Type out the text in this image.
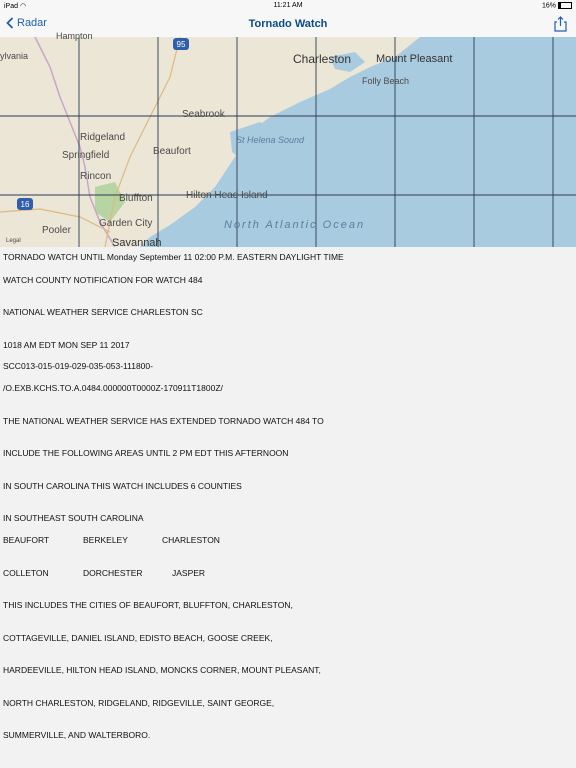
iPad ◠	11:21 AM	16%
Radar	Tornado Watch
95
16
Hampton
ylvania	Charleston Mount Pleasant
Folly Beach
Seabrook
Ridgeland
Springfield	Beaufort
St Helena Sound
Rincon
Bluffton	Hilton Head Island
Garden City
Pooler
Savannah
North Atlantic Ocean
Legal
TORNADO WATCH UNTIL Monday September 11 02:00 P.M. EASTERN DAYLIGHT TIME
WATCH COUNTY NOTIFICATION FOR WATCH 484
NATIONAL WEATHER SERVICE CHARLESTON SC
1018 AM EDT MON SEP 11 2017
SCC013-015-019-029-035-053-111800-
/O.EXB.KCHS.TO.A.0484.000000T0000Z-170911T1800Z/
THE NATIONAL WEATHER SERVICE HAS EXTENDED TORNADO WATCH 484 TO
INCLUDE THE FOLLOWING AREAS UNTIL 2 PM EDT THIS AFTERNOON
IN SOUTH CAROLINA THIS WATCH INCLUDES 6 COUNTIES
IN SOUTHEAST SOUTH CAROLINA
BEAUFORT	BERKELEY	CHARLESTON
COLLETON	DORCHESTER	JASPER
THIS INCLUDES THE CITIES OF BEAUFORT, BLUFFTON, CHARLESTON,
COTTAGEVILLE, DANIEL ISLAND, EDISTO BEACH, GOOSE CREEK,
HARDEEVILLE, HILTON HEAD ISLAND, MONCKS CORNER, MOUNT PLEASANT,
NORTH CHARLESTON, RIDGELAND, RIDGEVILLE, SAINT GEORGE,
SUMMERVILLE, AND WALTERBORO.
